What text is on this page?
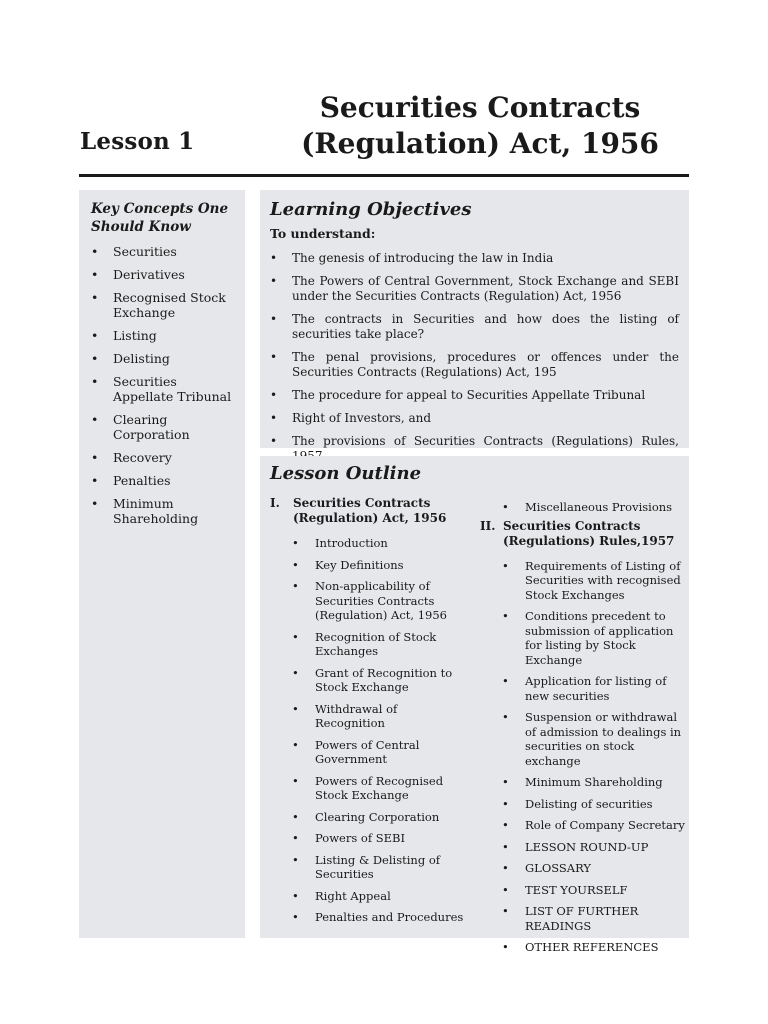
Lesson 1
Securities Contracts
(Regulation) Act, 1956
Key Concepts One Should Know
• Securities
• Derivatives
• Recognised Stock Exchange
• Listing
• Delisting
• Securities Appellate Tribunal
• Clearing Corporation
• Recovery
• Penalties
• Minimum Shareholding
Learning Objectives
To understand:
• The genesis of introducing the law in India
• The Powers of Central Government, Stock Exchange and SEBI under the Securities Contracts (Regulation) Act, 1956
• The contracts in Securities and how does the listing of securities take place?
• The penal provisions, procedures or offences under the Securities Contracts (Regulations) Act, 195
• The procedure for appeal to Securities Appellate Tribunal
• Right of Investors, and
• The provisions of Securities Contracts (Regulations) Rules,
Lesson Outline
I.	Securities Contracts (Regulation) Act, 1956
• Introduction
• Key Definitions
• Non-applicability of Securities Contracts (Regulation) Act, 1956
• Recognition of Stock Exchanges
• Grant of Recognition to Stock Exchange
• Withdrawal of Recognition
• Powers of Central Government
• Powers of Recognised Stock Exchange
• Clearing Corporation
• Powers of SEBI
• Listing & Delisting of Securities
• Right Appeal
• Penalties and Procedures
• Miscellaneous Provisions
II. Securities Contracts (Regulations) Rules,1957
• Requirements of Listing of Securities with recognised Stock Exchanges
• Conditions precedent to submission of application for listing by Stock Exchange
• Application for listing of new securities
• Suspension or withdrawal of admission to dealings in securities on stock exchange
• Minimum Shareholding
• Delisting of securities
• Role of Company Secretary
• LESSON ROUND-UP
• GLOSSARY
• TEST YOURSELF
• LIST OF FURTHER READINGS
• OTHER REFERENCES
